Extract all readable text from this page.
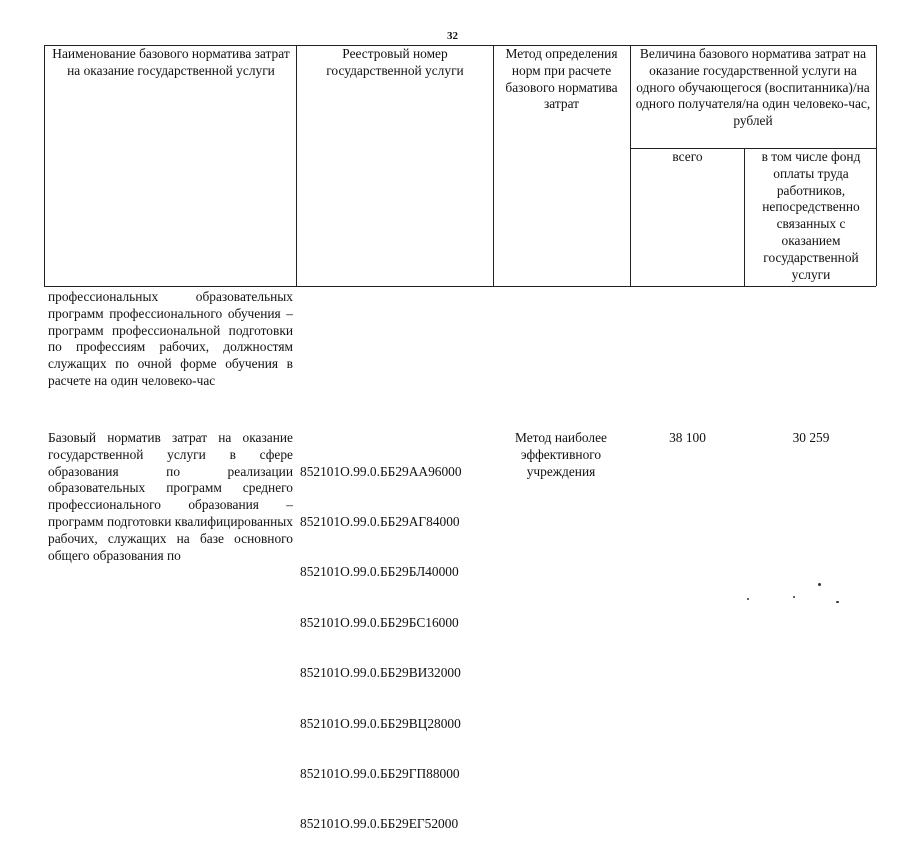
32
Наименование базового норматива затрат на оказание государственной услуги
Реестровый номер государственной услуги
Метод определения норм при расчете базового норматива затрат
Величина базового норматива затрат на оказание государственной услуги на одного обучающегося (воспитанника)/на одного получателя/на один человеко-час, рублей
всего	в том числе фонд оплаты труда работников, непосредственно связанных с оказанием государственной услуги
профессиональных образовательных программ профессионального обучения – программ профессиональной подготовки по профессиям рабочих, должностям служащих по очной форме обучения в расчете на один человеко-час
Базовый норматив затрат на оказание государственной услуги в сфере образования по реализации образовательных программ среднего профессионального образования – программ подготовки квалифицированных рабочих, служащих на базе основного общего образования по

852101О.99.0.ББ29АА96000

852101О.99.0.ББ29АГ84000

852101О.99.0.ББ29БЛ40000

852101О.99.0.ББ29БС16000

852101О.99.0.ББ29ВИ32000

852101О.99.0.ББ29ВЦ28000

852101О.99.0.ББ29ГП88000

852101О.99.0.ББ29ЕГ52000

Метод наиболее эффективного учреждения
38 100	30 259
